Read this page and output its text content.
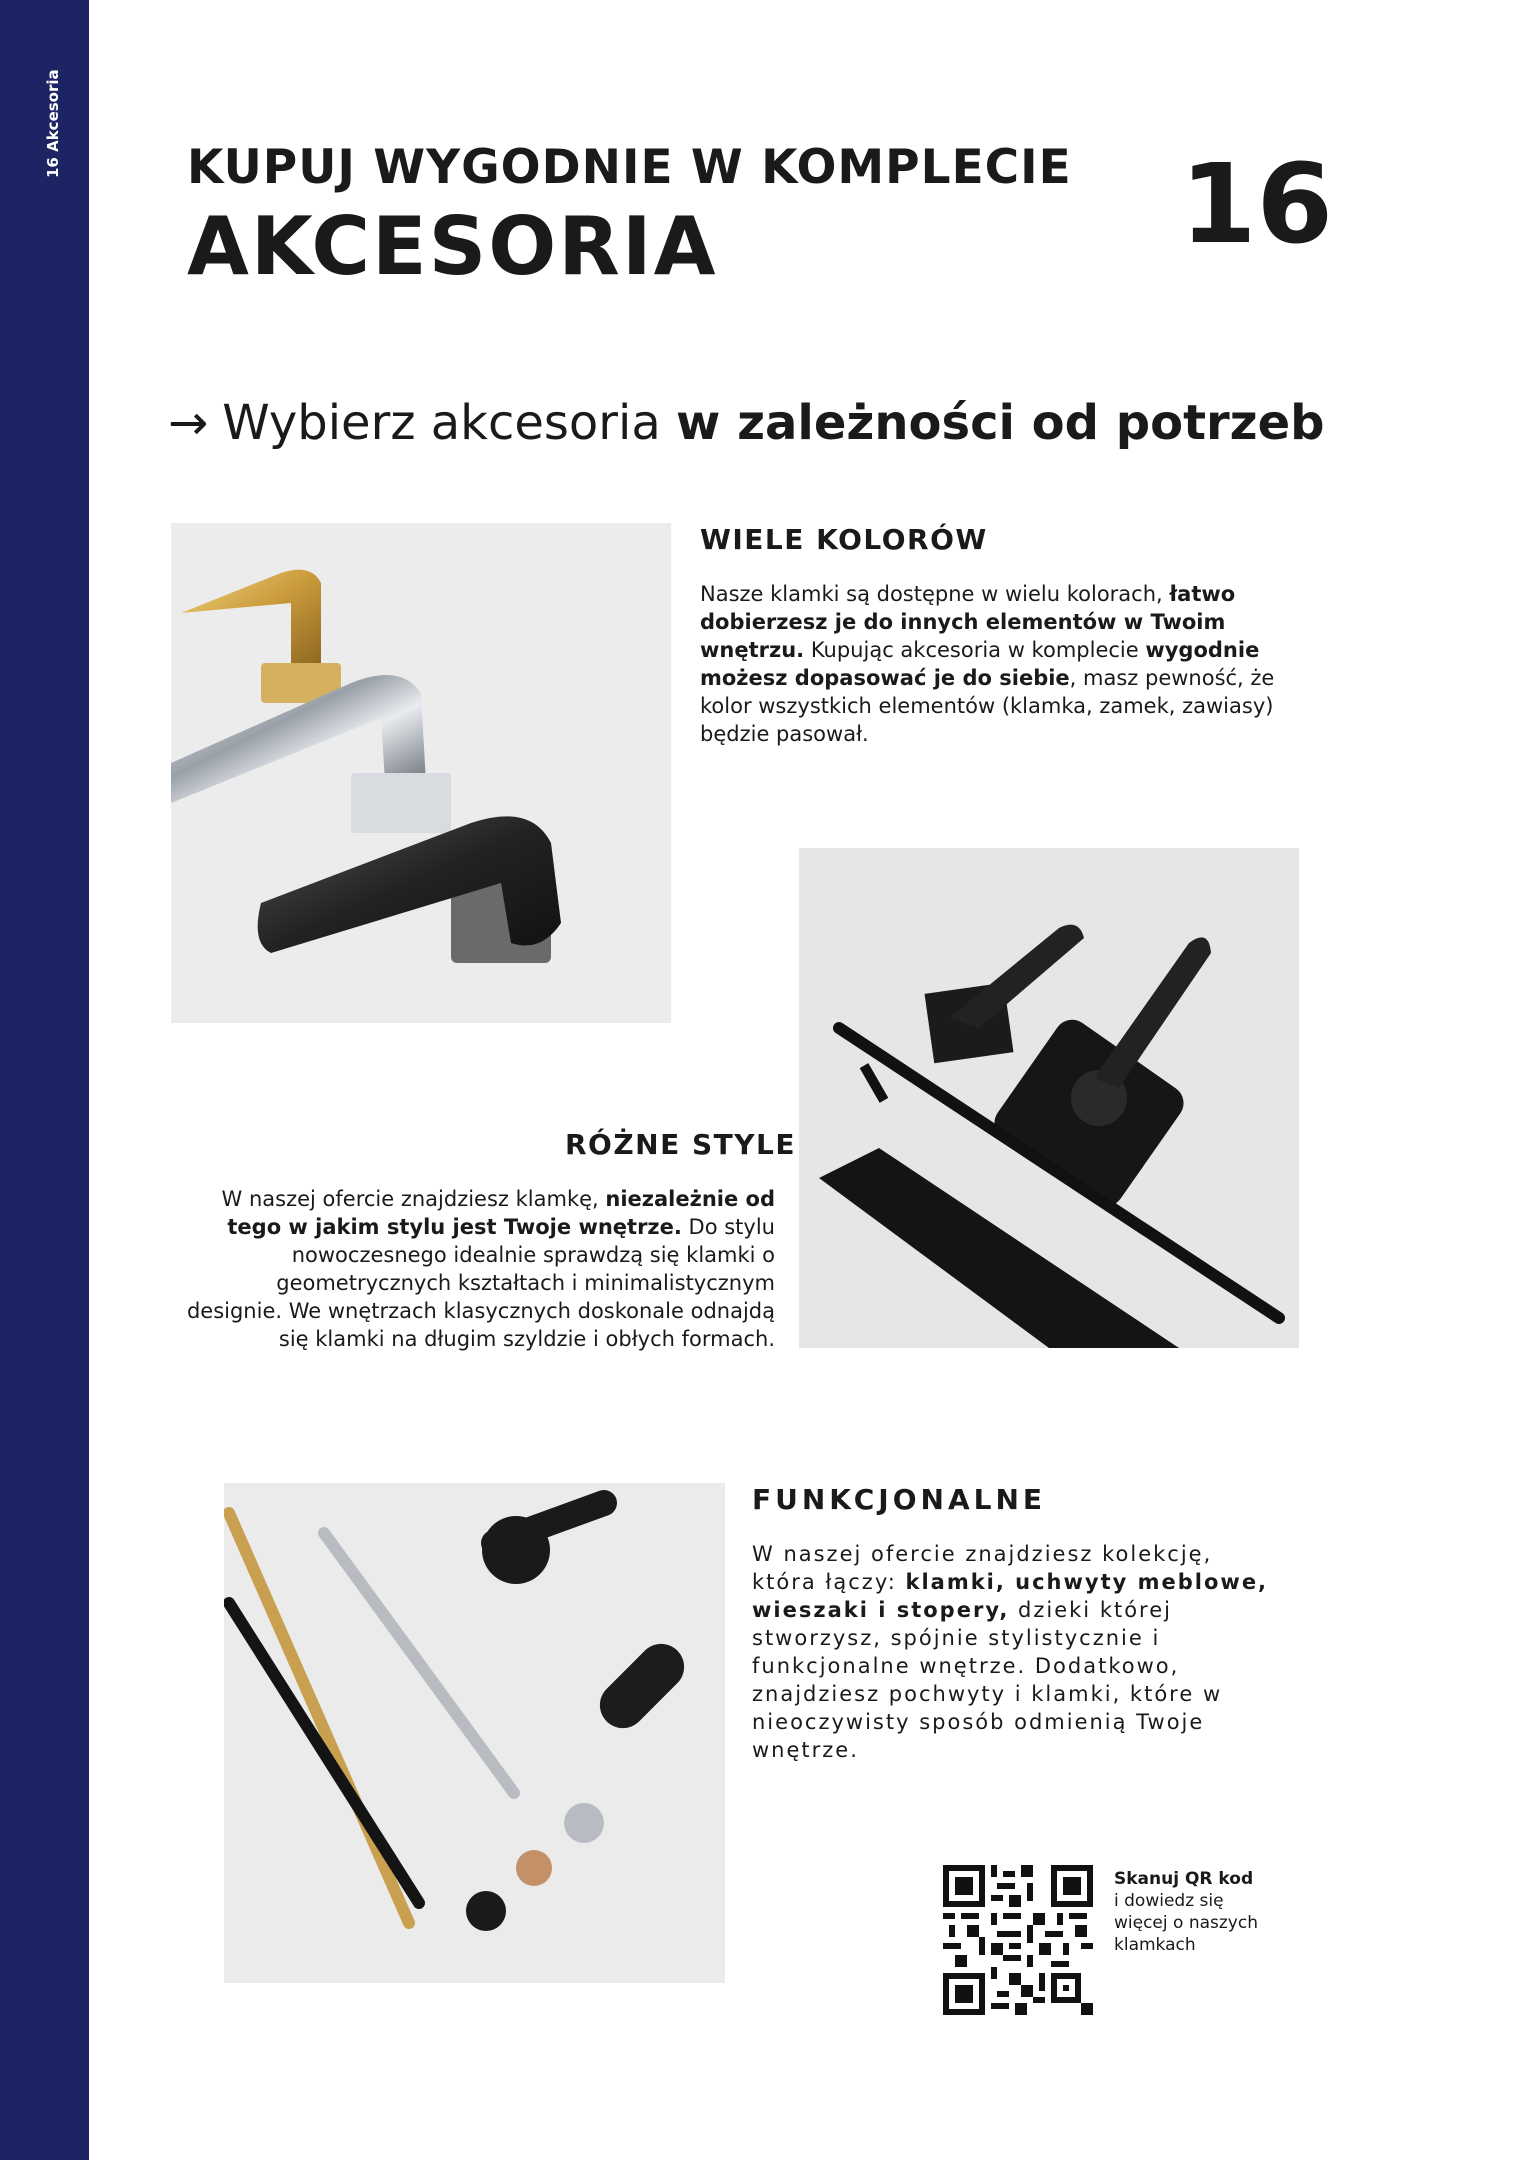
16 Akcesoria	KUPUJ WYGODNIE W KOMPLECIE
AKCESORIA	16
→ Wybierz akcesoria w zależności od potrzeb
WIELE KOLORÓW
Nasze klamki są dostępne w wielu kolorach, łatwo dobierzesz je do innych elementów w Twoim wnętrzu. Kupując akcesoria w komplecie wygodnie możesz dopasować je do siebie, masz pewność, że kolor wszystkich elementów (klamka, zamek, zawiasy) będzie pasował.
RÓŻNE STYLE
W naszej ofercie znajdziesz klamkę, niezależnie od tego w jakim stylu jest Twoje wnętrze. Do stylu nowoczesnego idealnie sprawdzą się klamki o geometrycznych kształtach i minimalistycznym designie. We wnętrzach klasycznych doskonale odnajdą się klamki na długim szyldzie i obłych formach.
FUNKCJONALNE
W naszej ofercie znajdziesz kolekcję, która łączy: klamki, uchwyty meblowe, wieszaki i stopery, dzieki której stworzysz, spójnie stylistycznie i funkcjonalne wnętrze. Dodatkowo, znajdziesz pochwyty i klamki, które w nieoczywisty sposób odmienią Twoje wnętrze.
Skanuj QR kod
i dowiedz się więcej o naszych klamkach
